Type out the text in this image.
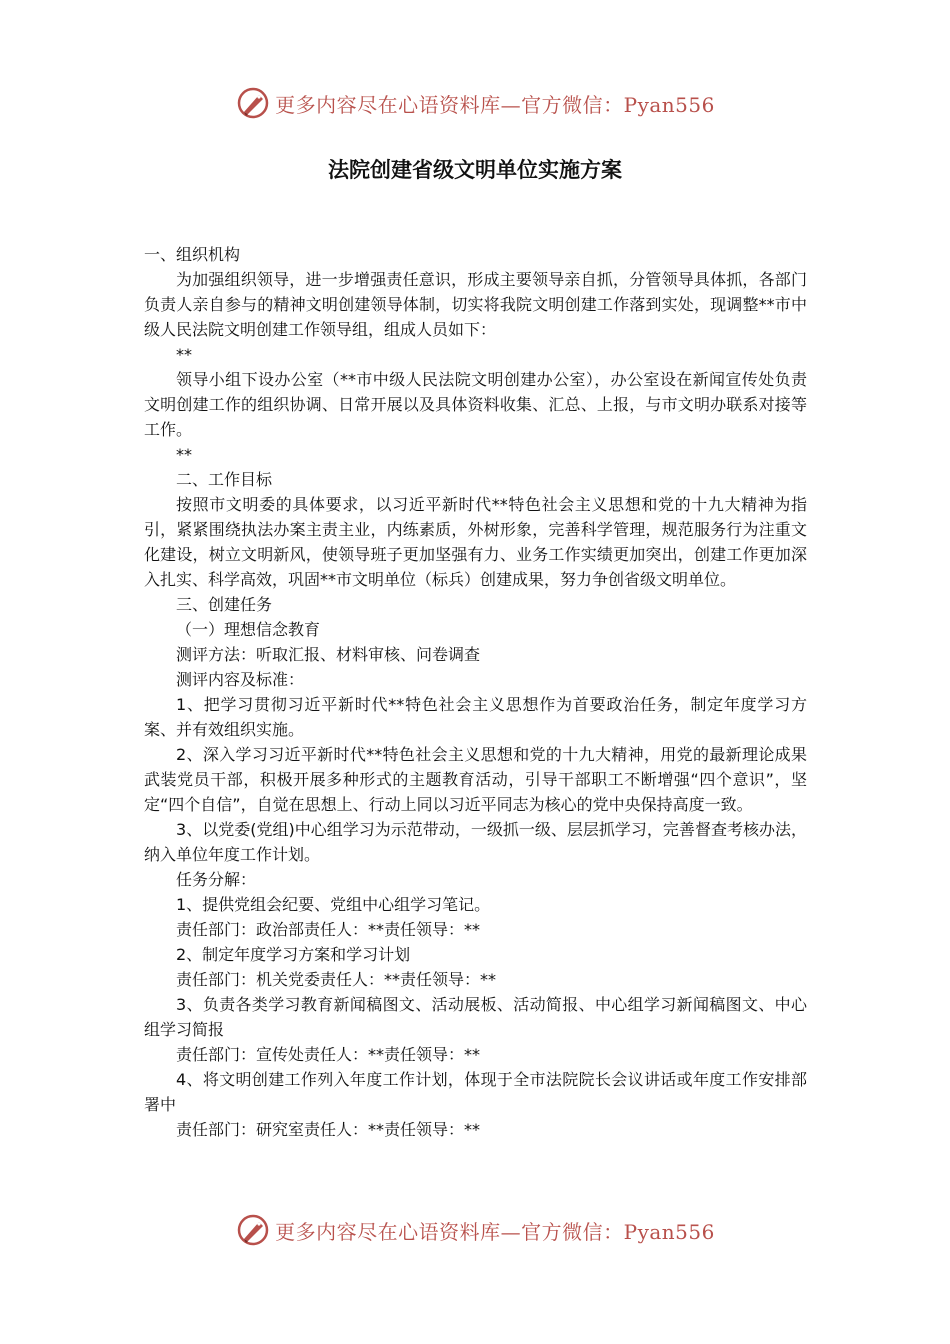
更多内容尽在心语资料库—官方微信：Pyan556
法院创建省级文明单位实施方案

一、组织机构

为加强组织领导，进一步增强责任意识，形成主要领导亲自抓，分管领导具体抓，各部门负责人亲自参与的精神文明创建领导体制，切实将我院文明创建工作落到实处，现调整**市中级人民法院文明创建工作领导组，组成人员如下：

**

领导小组下设办公室（**市中级人民法院文明创建办公室），办公室设在新闻宣传处负责文明创建工作的组织协调、日常开展以及具体资料收集、汇总、上报，与市文明办联系对接等工作。

**

二、工作目标

按照市文明委的具体要求，以习近平新时代**特色社会主义思想和党的十九大精神为指引，紧紧围绕执法办案主责主业，内练素质，外树形象，完善科学管理，规范服务行为注重文化建设，树立文明新风，使领导班子更加坚强有力、业务工作实绩更加突出，创建工作更加深入扎实、科学高效，巩固**市文明单位（标兵）创建成果，努力争创省级文明单位。

三、创建任务

（一）理想信念教育

测评方法：听取汇报、材料审核、问卷调查

测评内容及标准：

1、把学习贯彻习近平新时代**特色社会主义思想作为首要政治任务，制定年度学习方案、并有效组织实施。

2、深入学习习近平新时代**特色社会主义思想和党的十九大精神，用党的最新理论成果武装党员干部，积极开展多种形式的主题教育活动，引导干部职工不断增强“四个意识”，坚定“四个自信”，自觉在思想上、行动上同以习近平同志为核心的党中央保持高度一致。

3、以党委(党组)中心组学习为示范带动，一级抓一级、层层抓学习，完善督查考核办法，纳入单位年度工作计划。

任务分解：

1、提供党组会纪要、党组中心组学习笔记。

责任部门：政治部责任人：**责任领导：**

2、制定年度学习方案和学习计划

责任部门：机关党委责任人：**责任领导：**

3、负责各类学习教育新闻稿图文、活动展板、活动简报、中心组学习新闻稿图文、中心组学习简报

责任部门：宣传处责任人：**责任领导：**

4、将文明创建工作列入年度工作计划，体现于全市法院院长会议讲话或年度工作安排部署中

责任部门：研究室责任人：**责任领导：**

更多内容尽在心语资料库—官方微信：Pyan556
